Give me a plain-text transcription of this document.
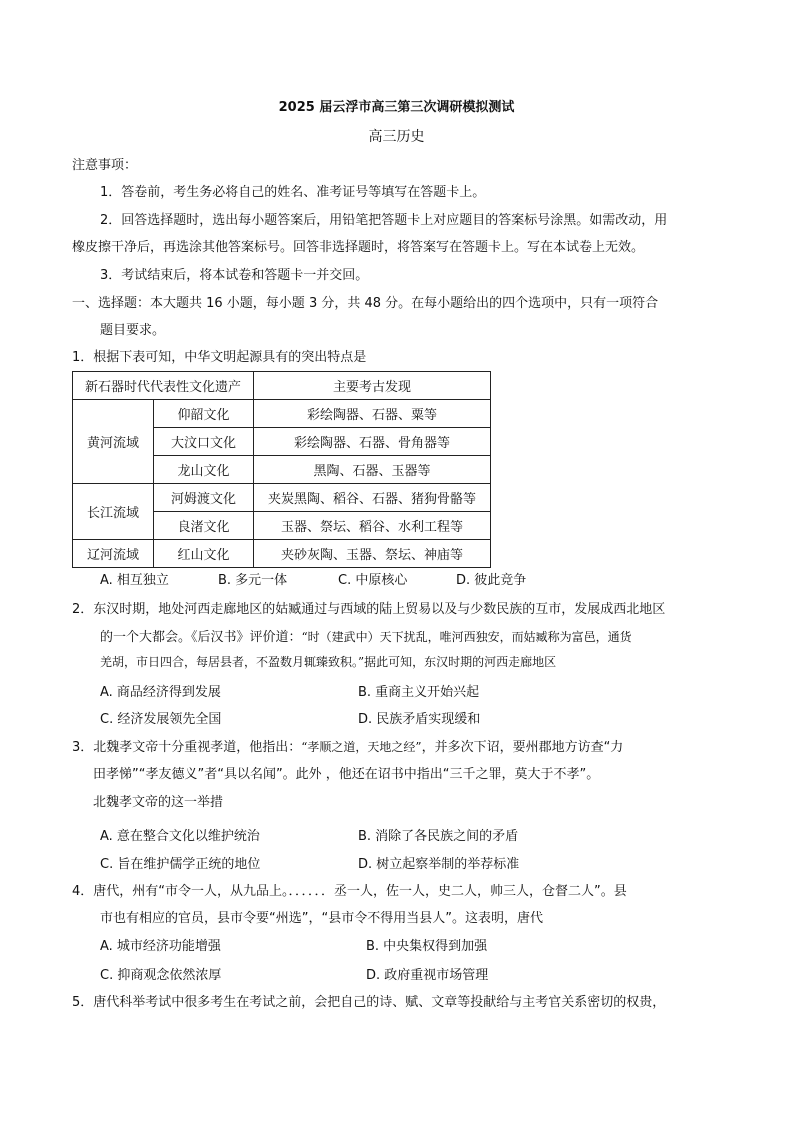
2025 届云浮市高三第三次调研模拟测试
高三历史
注意事项：
1．答卷前，考生务必将自己的姓名、准考证号等填写在答题卡上。
2．回答选择题时，选出每小题答案后，用铅笔把答题卡上对应题目的答案标号涂黑。如需改动，用
橡皮擦干净后，再选涂其他答案标号。回答非选择题时，将答案写在答题卡上。写在本试卷上无效。
3．考试结束后，将本试卷和答题卡一并交回。
一、选择题：本大题共 16 小题，每小题 3 分，共 48 分。在每小题给出的四个选项中，只有一项符合
题目要求。
1．根据下表可知，中华文明起源具有的突出特点是
新石器时代代表性文化遗产		主要考古发现
黄河流域	仰韶文化	彩绘陶器、石器、粟等
	大汶口文化	彩绘陶器、石器、骨角器等
	龙山文化	黑陶、石器、玉器等
长江流域	河姆渡文化	夹炭黑陶、稻谷、石器、猪狗骨骼等
	良渚文化	玉器、祭坛、稻谷、水利工程等
辽河流域	红山文化	夹砂灰陶、玉器、祭坛、神庙等
A. 相互独立	B. 多元一体	C. 中原核心	D. 彼此竞争
2．东汉时期，地处河西走廊地区的姑臧通过与西域的陆上贸易以及与少数民族的互市，发展成西北地区
的一个大都会。《后汉书》评价道：“时（建武中）天下扰乱，唯河西独安，而姑臧称为富邑，通货
羌胡，市日四合，每居县者，不盈数月辄臻致积。”据此可知，东汉时期的河西走廊地区
A. 商品经济得到发展	B. 重商主义开始兴起
C. 经济发展领先全国	D. 民族矛盾实现缓和
3．北魏孝文帝十分重视孝道，他指出：“孝顺之道，天地之经”，并多次下诏，要州郡地方访查“力
田孝悌”“孝友德义”者“具以名闻”。此外 ，他还在诏书中指出“三千之罪，莫大于不孝”。
北魏孝文帝的这一举措
A. 意在整合文化以维护统治	B. 消除了各民族之间的矛盾
C. 旨在维护儒学正统的地位	D. 树立起察举制的举荐标准
4．唐代，州有“市令一人，从九品上。．．．．．．丞一人，佐一人，史二人，帅三人，仓督二人”。县
市也有相应的官员，县市令要“州选”，“县市令不得用当县人”。这表明，唐代
A. 城市经济功能增强	B. 中央集权得到加强
C. 抑商观念依然浓厚	D. 政府重视市场管理
5．唐代科举考试中很多考生在考试之前，会把自己的诗、赋、文章等投献给与主考官关系密切的权贵，
